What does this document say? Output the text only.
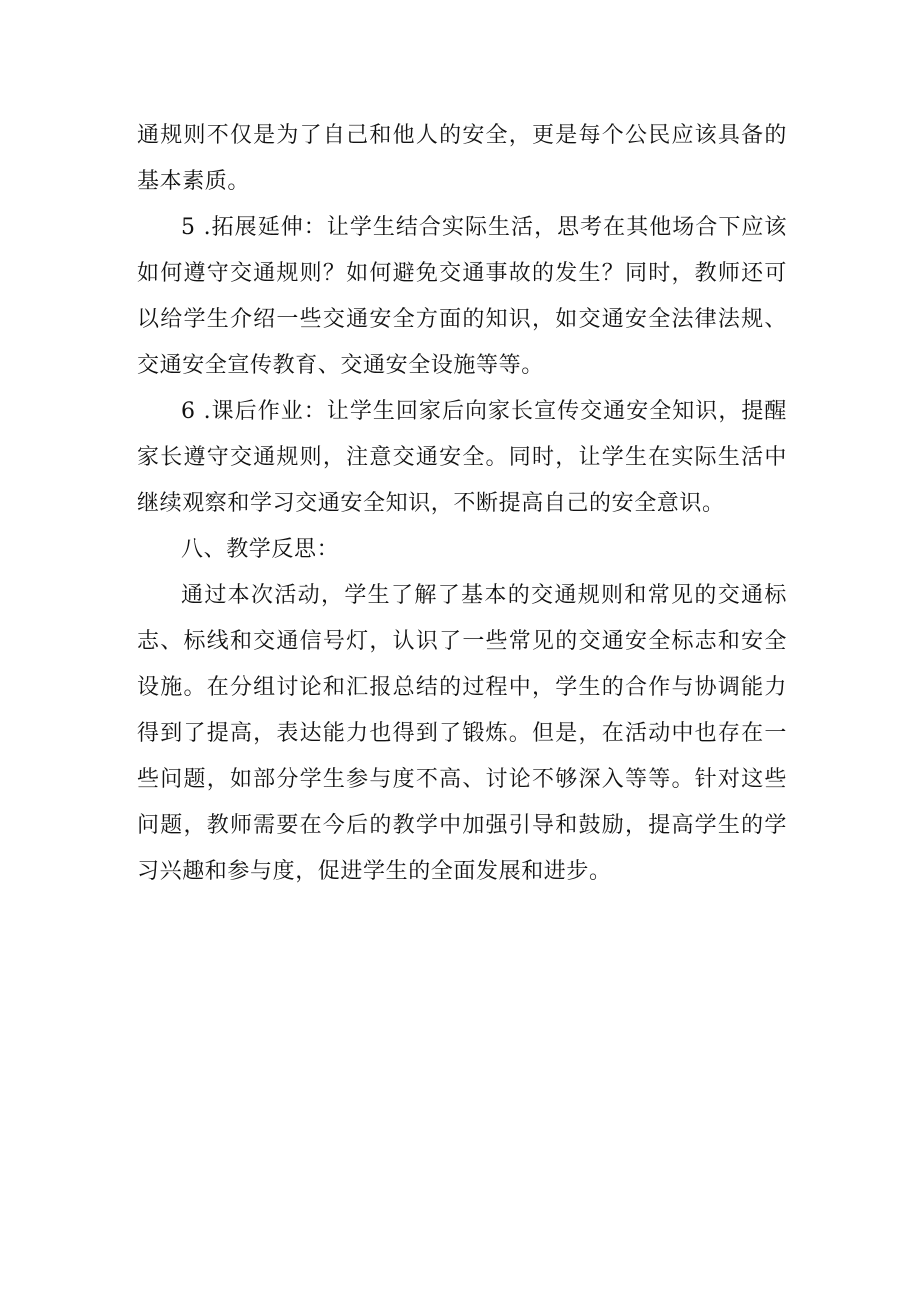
通规则不仅是为了自己和他人的安全，更是每个公民应该具备的基本素质。

5 .拓展延伸：让学生结合实际生活，思考在其他场合下应该如何遵守交通规则？如何避免交通事故的发生？同时，教师还可以给学生介绍一些交通安全方面的知识，如交通安全法律法规、交通安全宣传教育、交通安全设施等等。

6 .课后作业：让学生回家后向家长宣传交通安全知识，提醒家长遵守交通规则，注意交通安全。同时，让学生在实际生活中继续观察和学习交通安全知识，不断提高自己的安全意识。

八、教学反思：

通过本次活动，学生了解了基本的交通规则和常见的交通标志、标线和交通信号灯，认识了一些常见的交通安全标志和安全设施。在分组讨论和汇报总结的过程中，学生的合作与协调能力得到了提高，表达能力也得到了锻炼。但是，在活动中也存在一些问题，如部分学生参与度不高、讨论不够深入等等。针对这些问题，教师需要在今后的教学中加强引导和鼓励，提高学生的学习兴趣和参与度，促进学生的全面发展和进步。
